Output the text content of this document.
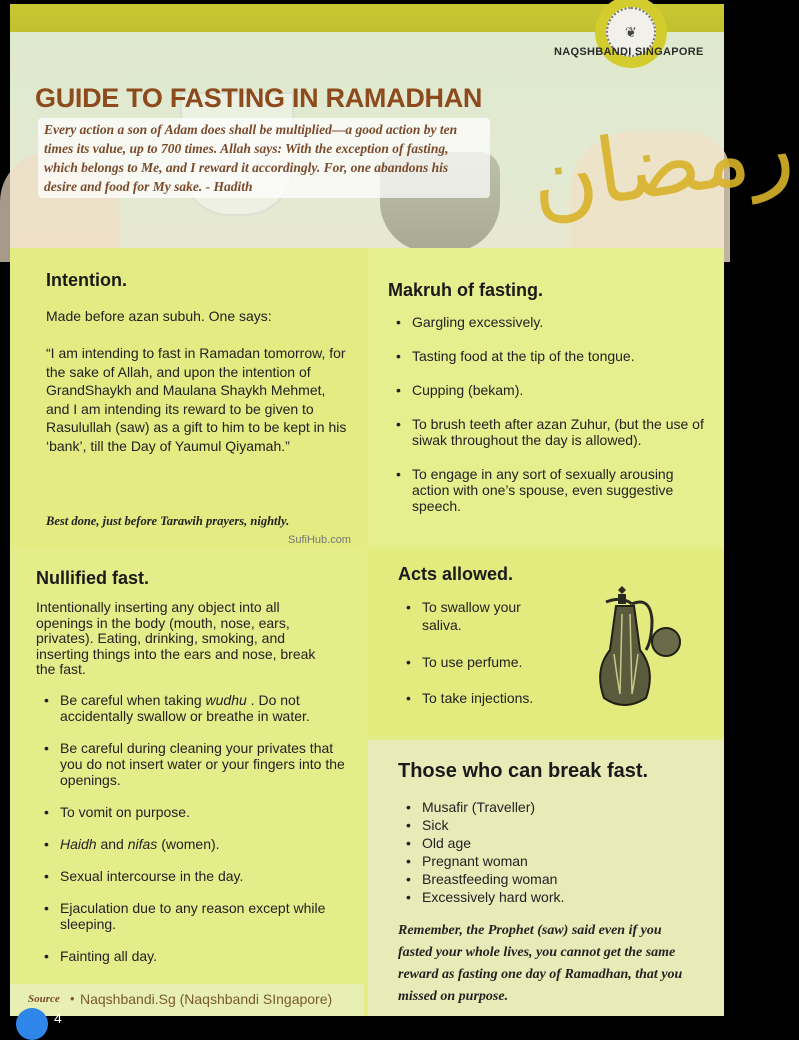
رمضان
GUIDE TO FASTING IN RAMADHAN
Every action a son of Adam does shall be multiplied—a good action by ten times its value, up to 700 times. Allah says: With the exception of fasting, which belongs to Me, and I reward it accordingly. For, one abandons his desire and food for My sake. - Hadith
❦
NAQSHBANDI SINGAPORE
Intention.
Made before azan subuh. One says:
“I am intending to fast in Ramadan tomorrow, for the sake of Allah, and upon the intention of GrandShaykh and Maulana Shaykh Mehmet, and I am intending its reward to be given to Rasulullah (saw) as a gift to him to be kept in his ‘bank’, till the Day of Yaumul Qiyamah.”
Best done, just before Tarawih prayers, nightly.
SufiHub.com
Makruh of fasting.
• Gargling excessively.
• Tasting food at the tip of the tongue.
• Cupping (bekam).
• To brush teeth after azan Zuhur, (but the use of siwak throughout the day is allowed).
• To engage in any sort of sexually arousing action with one’s spouse, even suggestive speech.
Nullified fast.
Intentionally inserting any object into all openings in the body (mouth, nose, ears, privates). Eating, drinking, smoking, and inserting things into the ears and nose, break the fast.
• Be careful when taking wudhu . Do not accidentally swallow or breathe in water.
• Be careful during cleaning your privates that you do not insert water or your fingers into the openings.
• To vomit on purpose.
• Haidh and nifas (women).
• Sexual intercourse in the day.
• Ejaculation due to any reason except while sleeping.
• Fainting all day.
Acts allowed.
• To swallow your saliva.
• To use perfume.
• To take injections.
Those who can break fast.
• Musafir (Traveller)
• Sick
• Old age
• Pregnant woman
• Breastfeeding woman
• Excessively hard work.
Remember, the Prophet (saw) said even if you fasted your whole lives, you cannot get the same reward as fasting one day of Ramadhan, that you missed on purpose.
Source • Naqshbandi.Sg (Naqshbandi SIngapore)
4
